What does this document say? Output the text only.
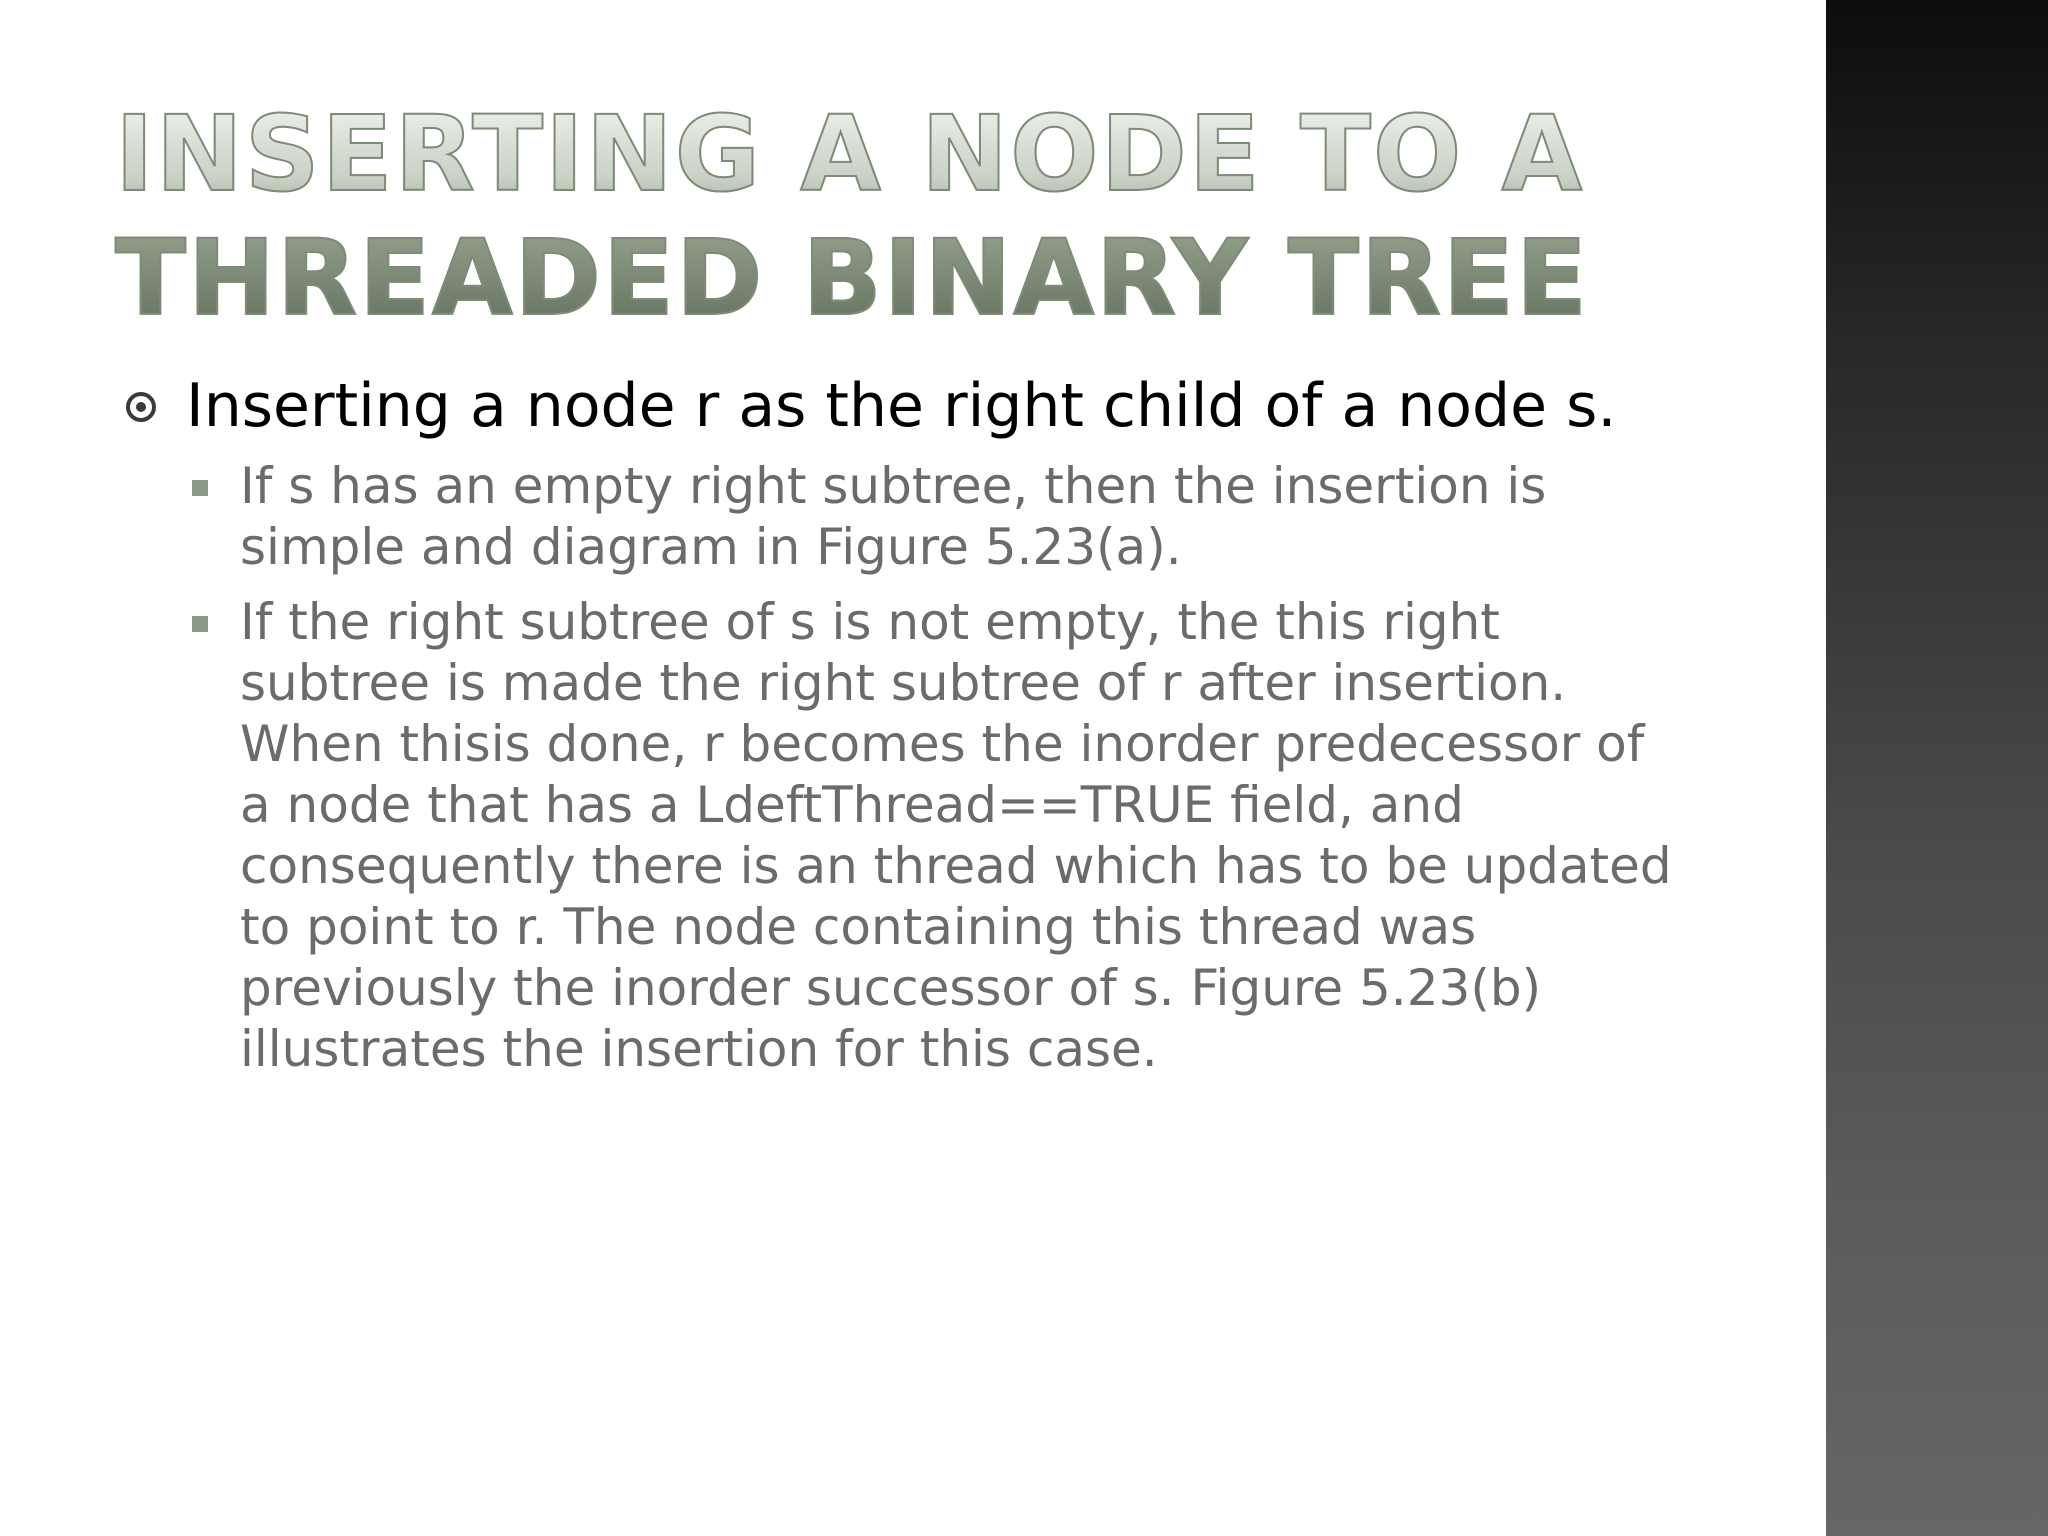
INSERTING A NODE TO A
THREADED BINARY TREE
Inserting a node r as the right child of a node s.
If s has an empty right subtree, then the insertion is
simple and diagram in Figure 5.23(a).
If the right subtree of s is not empty, the this right
subtree is made the right subtree of r after insertion.
When thisis done, r becomes the inorder predecessor of
a node that has a LdeftThread==TRUE field, and
consequently there is an thread which has to be updated
to point to r. The node containing this thread was
previously the inorder successor of s. Figure 5.23(b)
illustrates the insertion for this case.
